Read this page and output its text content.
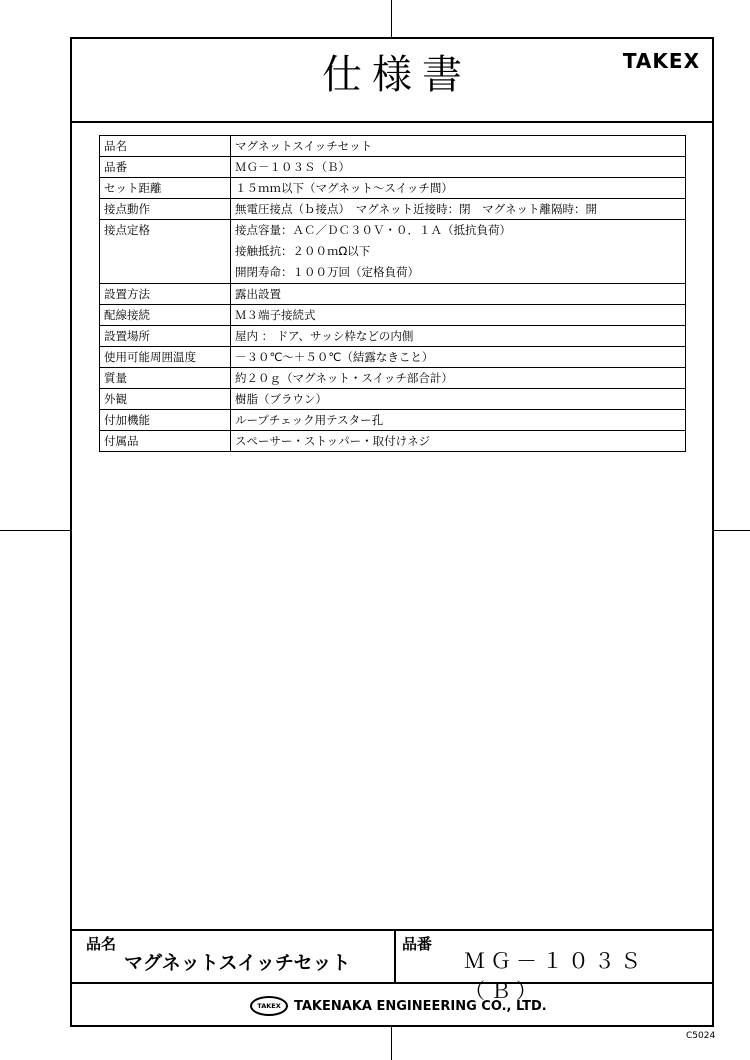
仕様書	TAKEX
品名	マグネットスイッチセット
品番	ＭＧ－１０３Ｓ（Ｂ）
セット距離	１５ｍｍ以下（マグネット～スイッチ間）
接点動作	無電圧接点（ｂ接点）　マグネット近接時：閉　マグネット離隔時：開
接点定格	接点容量：ＡＣ／ＤＣ３０Ｖ・０．１Ａ（抵抗負荷）
接触抵抗：２００ｍΩ以下
開閉寿命：１００万回（定格負荷）

設置方法	露出設置
配線接続	Ｍ３端子接続式
設置場所	屋内 ： ドア、サッシ枠などの内側
使用可能周囲温度	－３０℃～＋５０℃（結露なきこと）
質量	約２０ｇ（マグネット・スイッチ部合計）
外観	樹脂（ブラウン）
付加機能	ループチェック用テスター孔
付属品	スペーサー・ストッパー・取付けネジ
品名
マグネットスイッチセット
品番
ＭＧ－１０３Ｓ（Ｂ）
TAKEX	TAKENAKA ENGINEERING CO., LTD.
C5024
